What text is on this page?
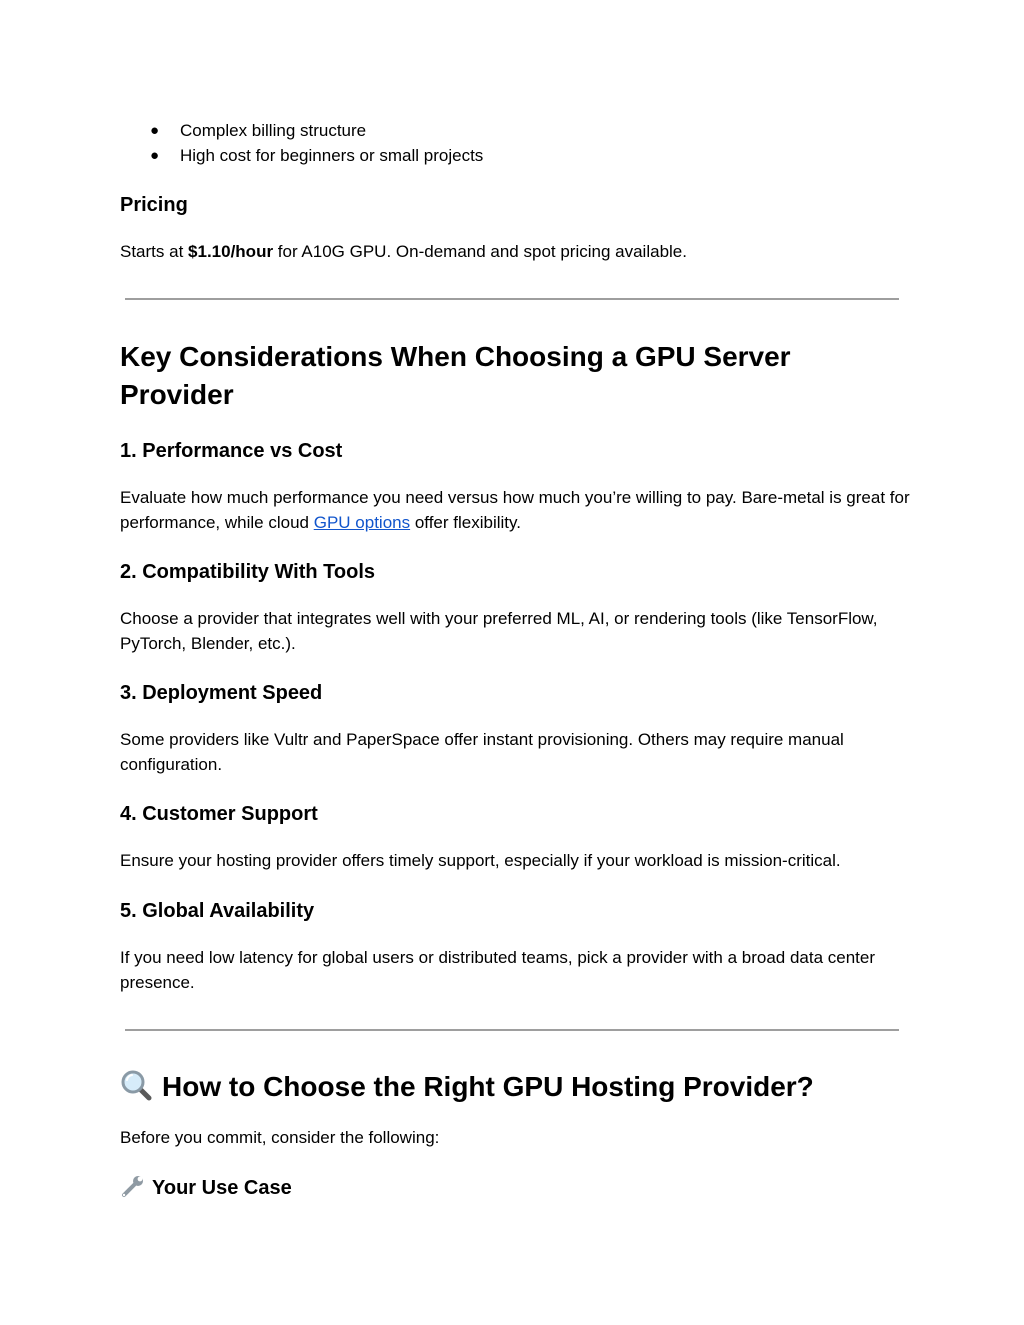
● Complex billing structure
● High cost for beginners or small projects
Pricing

Starts at $1.10/hour for A10G GPU. On-demand and spot pricing available.

Key Considerations When Choosing a GPU Server Provider
1. Performance vs Cost

Evaluate how much performance you need versus how much you’re willing to pay. Bare-metal is great for performance, while cloud GPU options offer flexibility.

2. Compatibility With Tools

Choose a provider that integrates well with your preferred ML, AI, or rendering tools (like TensorFlow, PyTorch, Blender, etc.).

3. Deployment Speed

Some providers like Vultr and PaperSpace offer instant provisioning. Others may require manual configuration.

4. Customer Support

Ensure your hosting provider offers timely support, especially if your workload is mission-critical.

5. Global Availability

If you need low latency for global users or distributed teams, pick a provider with a broad data center presence.

How to Choose the Right GPU Hosting Provider?

Before you commit, consider the following:

Your Use Case
